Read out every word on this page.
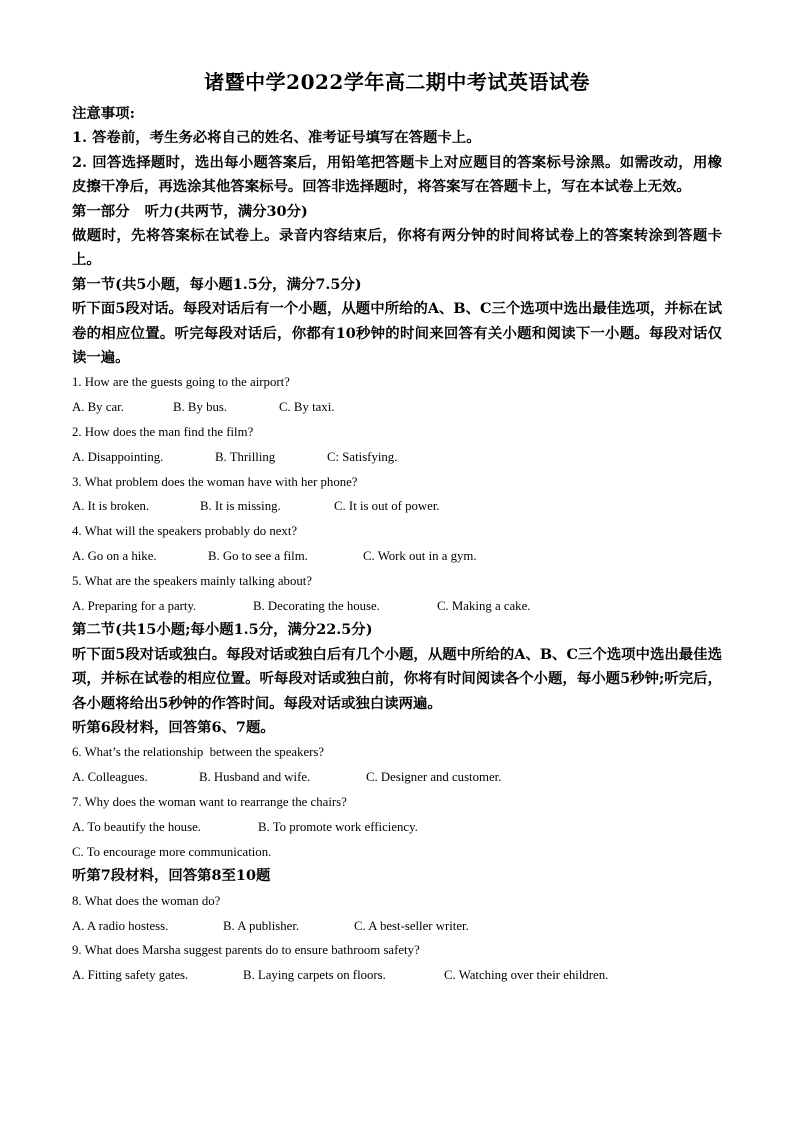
诸暨中学2022学年高二期中考试英语试卷

注意事项:

1. 答卷前，考生务必将自己的姓名、准考证号填写在答题卡上。

2. 回答选择题时，选出每小题答案后，用铅笔把答题卡上对应题目的答案标号涂黑。如需改动，用橡皮擦干净后，再选涂其他答案标号。回答非选择题时，将答案写在答题卡上，写在本试卷上无效。

第一部分   听力(共两节，满分30分)

做题时，先将答案标在试卷上。录音内容结束后，你将有两分钟的时间将试卷上的答案转涂到答题卡上。

第一节(共5小题，每小题1.5分，满分7.5分)

听下面5段对话。每段对话后有一个小题，从题中所给的A、B、C三个选项中选出最佳选项，并标在试卷的相应位置。听完每段对话后，你都有10秒钟的时间来回答有关小题和阅读下一小题。每段对话仅读一遍。

1. How are the guests going to the airport?

A. By car.	B. By bus.	C. By taxi.

2. How does the man find the film?

A. Disappointing.	B. Thrilling	C: Satisfying.

3. What problem does the woman have with her phone?

A. It is broken.	B. It is missing.	C. It is out of power.

4. What will the speakers probably do next?

A. Go on a hike.	B. Go to see a film.	C. Work out in a gym.

5. What are the speakers mainly talking about?

A. Preparing for a party.	B. Decorating the house.	C. Making a cake.

第二节(共15小题;每小题1.5分，满分22.5分)

听下面5段对话或独白。每段对话或独白后有几个小题，从题中所给的A、B、C三个选项中选出最佳选项，并标在试卷的相应位置。听每段对话或独白前，你将有时间阅读各个小题，每小题5秒钟;听完后，各小题将给出5秒钟的作答时间。每段对话或独白读两遍。

听第6段材料，回答第6、7题。

6. What’s the relationship  between the speakers?

A. Colleagues.	B. Husband and wife.	C. Designer and customer.

7. Why does the woman want to rearrange the chairs?

A. To beautify the house.	B. To promote work efficiency.

C. To encourage more communication.

听第7段材料，回答第8至10题

8. What does the woman do?

A. A radio hostess.	B. A publisher.	C. A best-seller writer.

9. What does Marsha suggest parents do to ensure bathroom safety?

A. Fitting safety gates.	B. Laying carpets on floors.	C. Watching over their ehildren.
